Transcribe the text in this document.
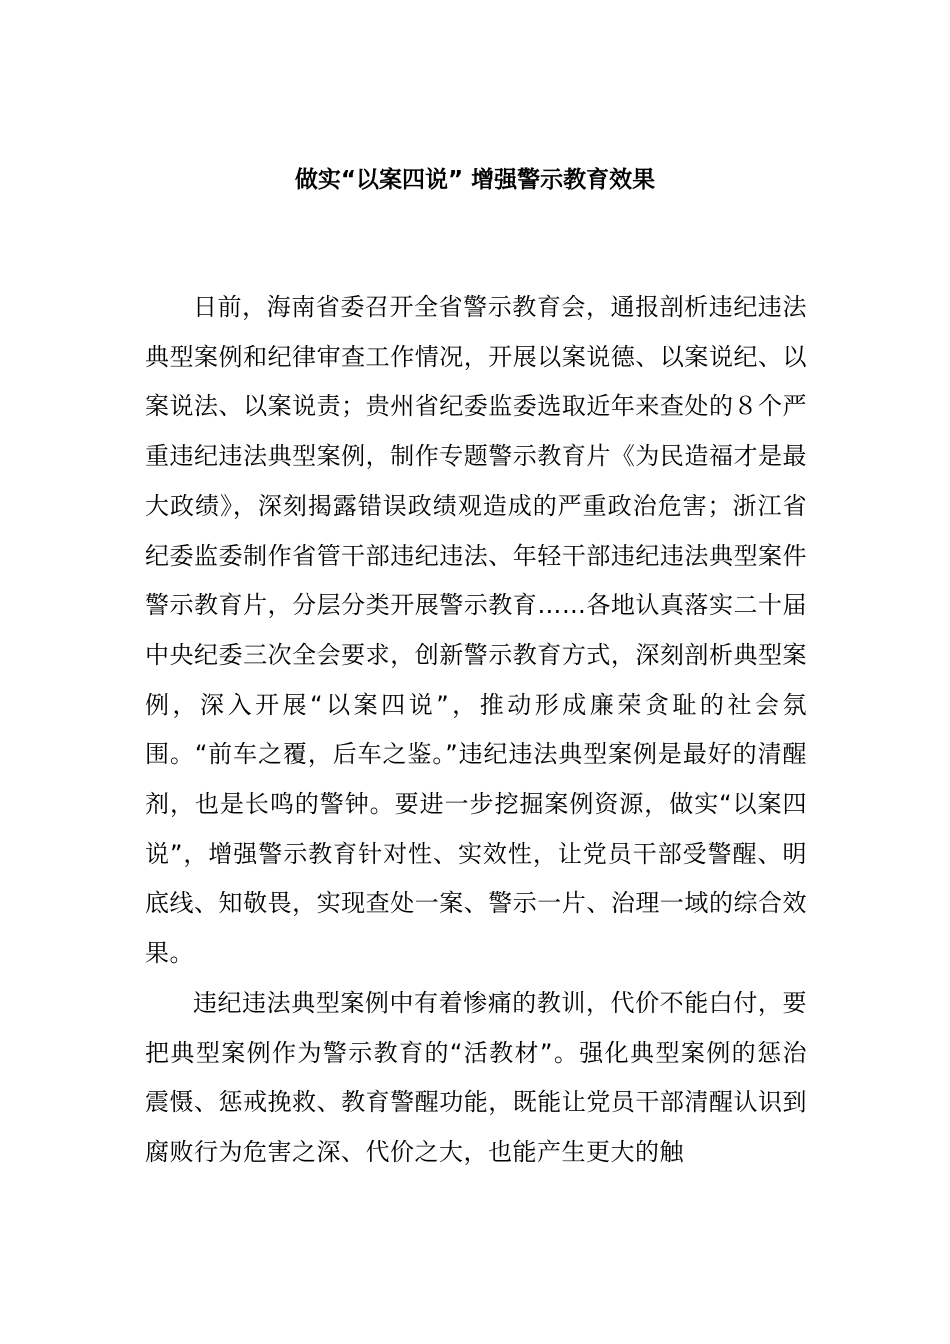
做实“以案四说” 增强警示教育效果

日前，海南省委召开全省警示教育会，通报剖析违纪违法典型案例和纪律审查工作情况，开展以案说德、以案说纪、以案说法、以案说责；贵州省纪委监委选取近年来查处的８个严重违纪违法典型案例，制作专题警示教育片《为民造福才是最大政绩》，深刻揭露错误政绩观造成的严重政治危害；浙江省纪委监委制作省管干部违纪违法、年轻干部违纪违法典型案件警示教育片，分层分类开展警示教育……各地认真落实二十届中央纪委三次全会要求，创新警示教育方式，深刻剖析典型案例，深入开展“以案四说”，推动形成廉荣贪耻的社会氛围。“前车之覆，后车之鉴。”违纪违法典型案例是最好的清醒剂，也是长鸣的警钟。要进一步挖掘案例资源，做实“以案四说”，增强警示教育针对性、实效性，让党员干部受警醒、明底线、知敬畏，实现查处一案、警示一片、治理一域的综合效果。

违纪违法典型案例中有着惨痛的教训，代价不能白付，要把典型案例作为警示教育的“活教材”。强化典型案例的惩治震慑、惩戒挽救、教育警醒功能，既能让党员干部清醒认识到腐败行为危害之深、代价之大，也能产生更大的触
